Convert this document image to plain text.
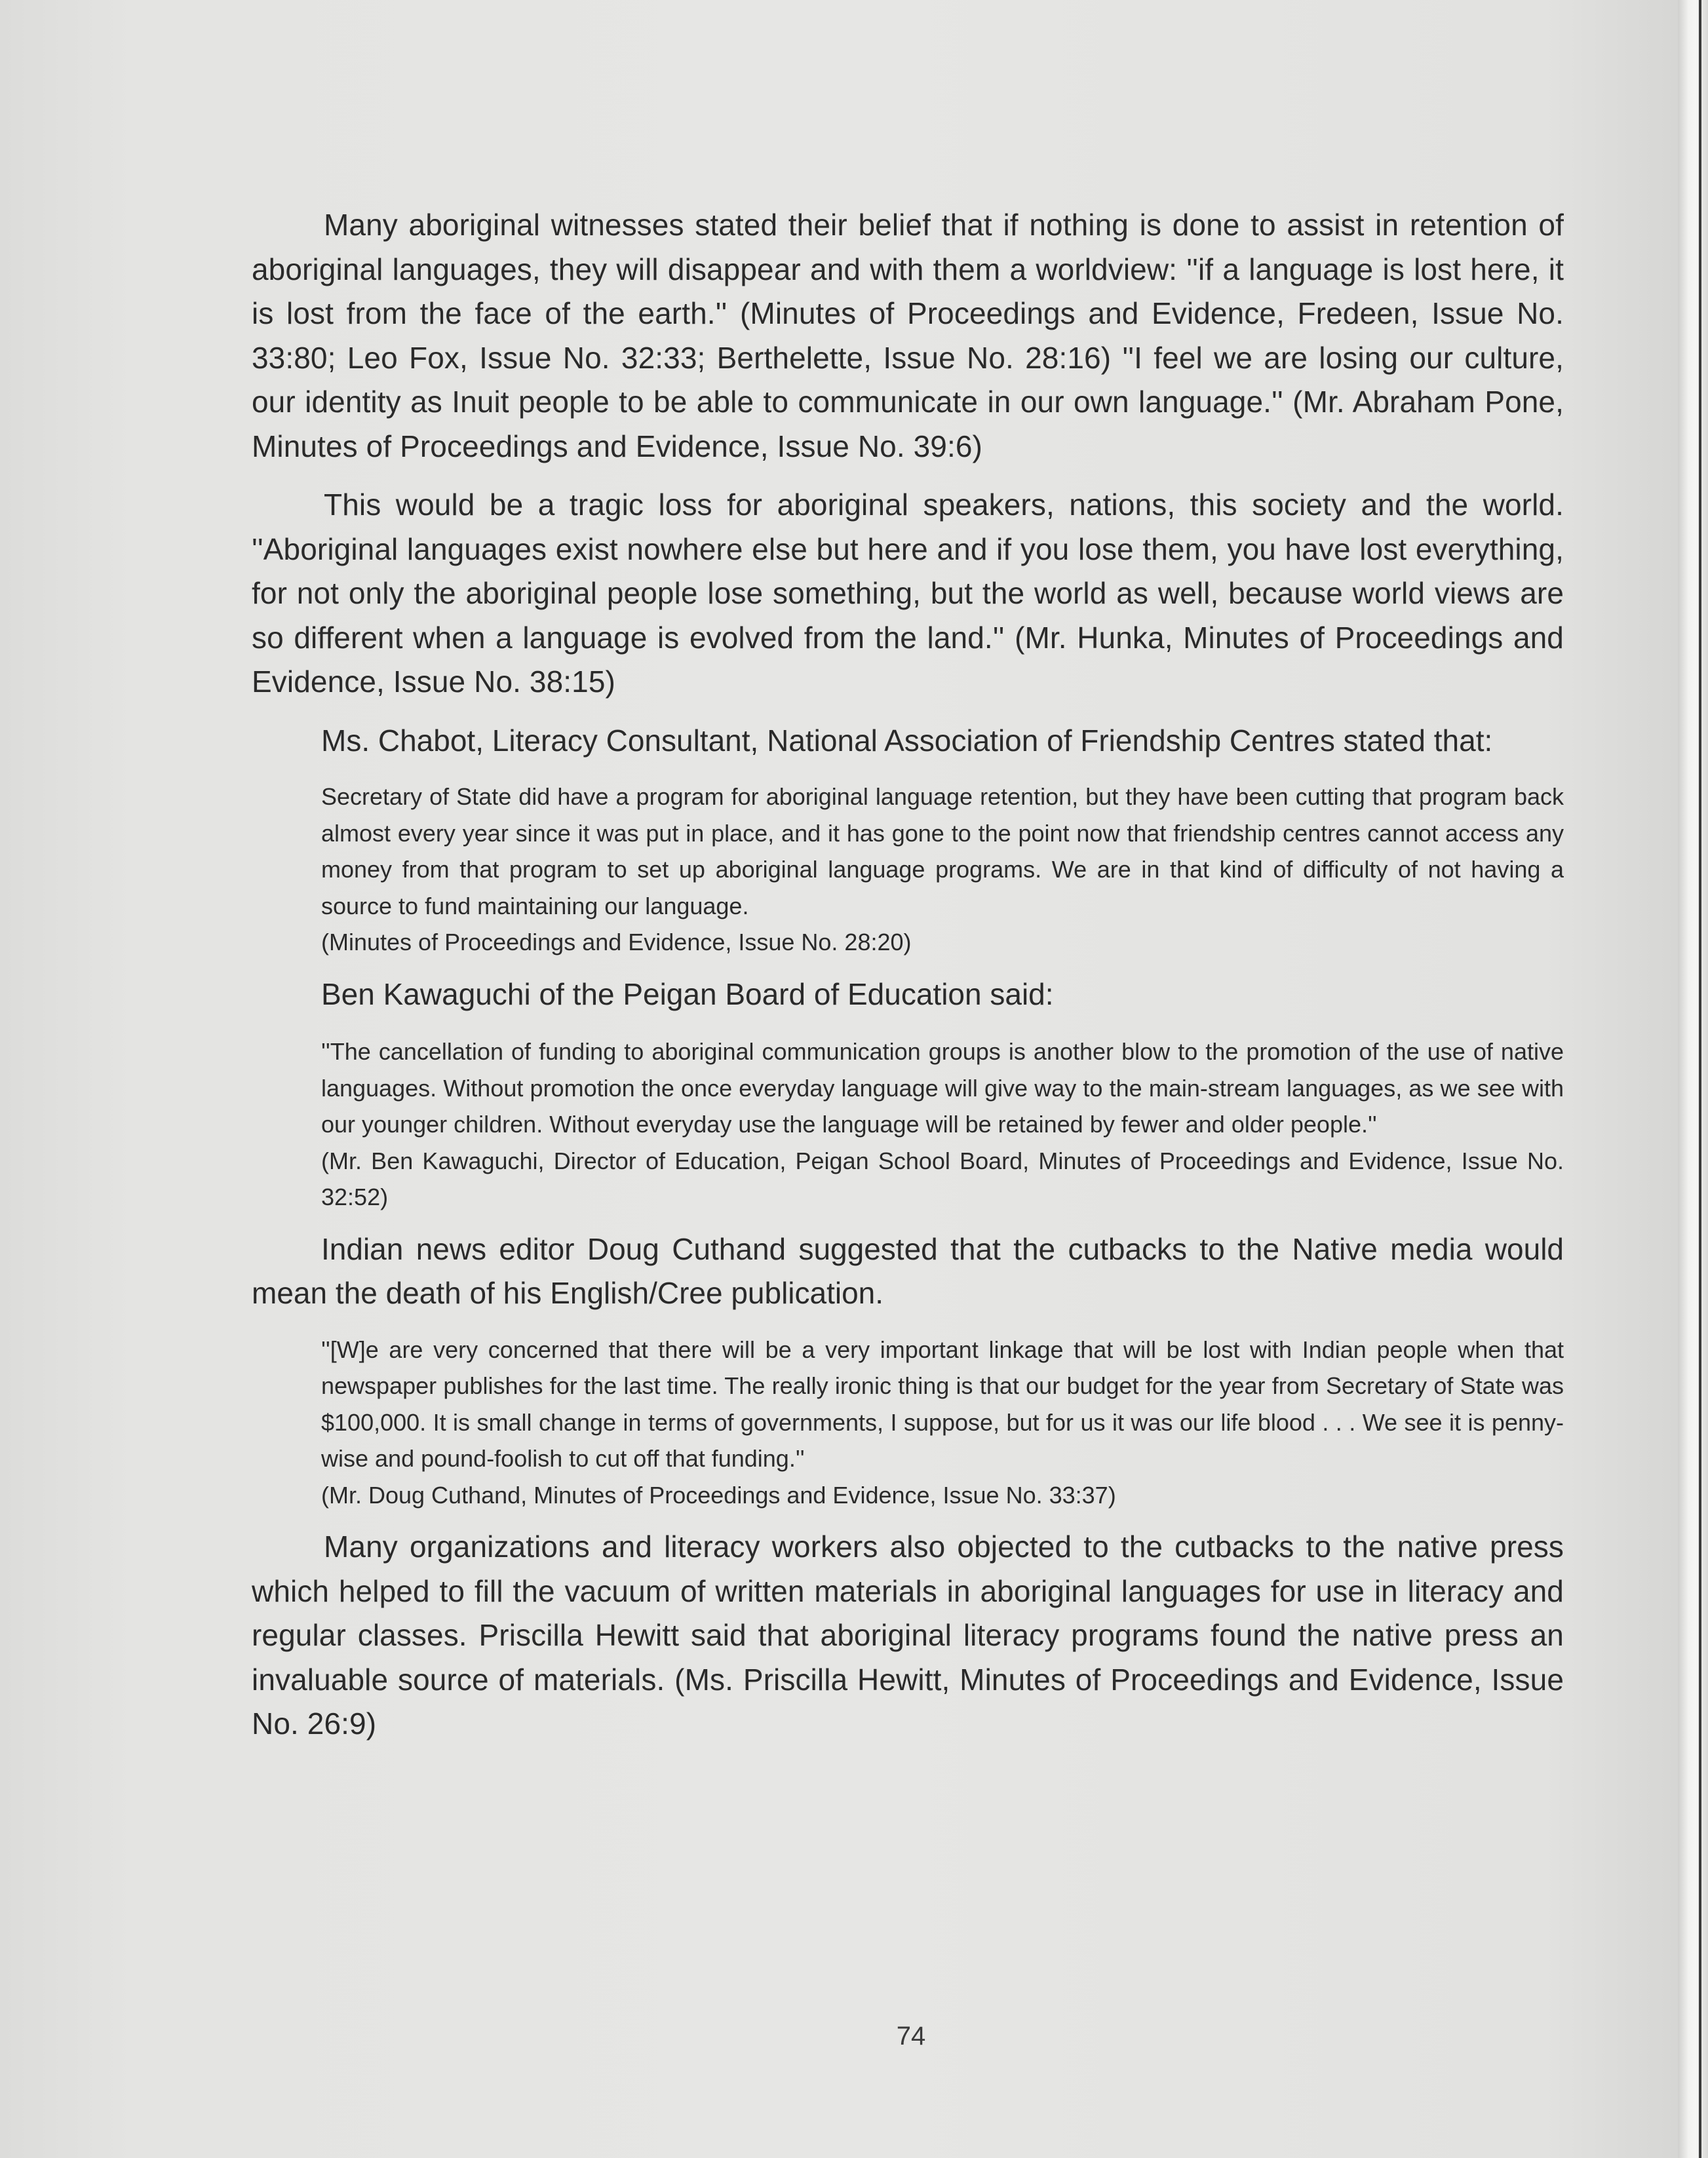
Many aboriginal witnesses stated their belief that if nothing is done to assist in retention of aboriginal languages, they will disappear and with them a worldview: ''if a language is lost here, it is lost from the face of the earth.'' (Minutes of Proceedings and Evidence, Fredeen, Issue No. 33:80; Leo Fox, Issue No. 32:33; Berthelette, Issue No. 28:16) ''I feel we are losing our culture, our identity as Inuit people to be able to communicate in our own language.'' (Mr. Abraham Pone, Minutes of Proceedings and Evidence, Issue No. 39:6)

This would be a tragic loss for aboriginal speakers, nations, this society and the world. ''Aboriginal languages exist nowhere else but here and if you lose them, you have lost everything, for not only the aboriginal people lose something, but the world as well, because world views are so different when a language is evolved from the land.'' (Mr. Hunka, Minutes of Proceedings and Evidence, Issue No. 38:15)

Ms. Chabot, Literacy Consultant, National Association of Friendship Centres stated that:

Secretary of State did have a program for aboriginal language retention, but they have been cutting that program back almost every year since it was put in place, and it has gone to the point now that friendship centres cannot access any money from that program to set up aboriginal language programs. We are in that kind of difficulty of not having a source to fund maintaining our language.

(Minutes of Proceedings and Evidence, Issue No. 28:20)

Ben Kawaguchi of the Peigan Board of Education said:

''The cancellation of funding to aboriginal communication groups is another blow to the promotion of the use of native languages. Without promotion the once everyday language will give way to the main-stream languages, as we see with our younger children. Without everyday use the language will be retained by fewer and older people.''

(Mr. Ben Kawaguchi, Director of Education, Peigan School Board, Minutes of Proceedings and Evidence, Issue No. 32:52)

Indian news editor Doug Cuthand suggested that the cutbacks to the Native media would mean the death of his English/Cree publication.

''[W]e are very concerned that there will be a very important linkage that will be lost with Indian people when that newspaper publishes for the last time. The really ironic thing is that our budget for the year from Secretary of State was $100,000. It is small change in terms of governments, I suppose, but for us it was our life blood . . . We see it is penny-wise and pound-foolish to cut off that funding.''

(Mr. Doug Cuthand, Minutes of Proceedings and Evidence, Issue No. 33:37)

Many organizations and literacy workers also objected to the cutbacks to the native press which helped to fill the vacuum of written materials in aboriginal languages for use in literacy and regular classes. Priscilla Hewitt said that aboriginal literacy programs found the native press an invaluable source of materials. (Ms. Priscilla Hewitt, Minutes of Proceedings and Evidence, Issue No. 26:9)

74
